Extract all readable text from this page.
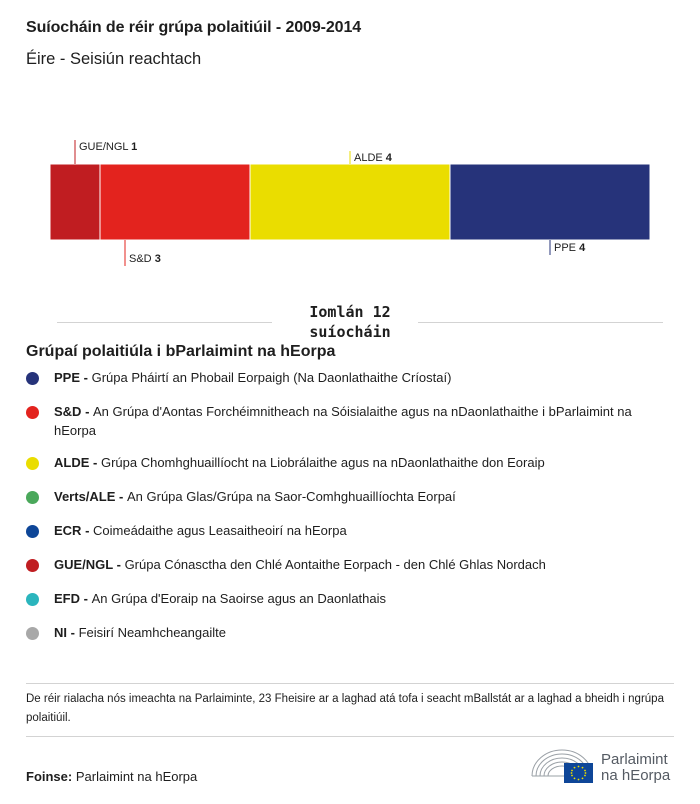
Suíocháin de réir grúpa polaitiúil - 2009-2014
Éire - Seisiún reachtach
GUE/NGL 1
S&D 3
ALDE 4
PPE 4
Iomlán 12 suíocháin
Grúpaí polaitiúla i bParlaimint na hEorpa
PPE - Grúpa Pháirtí an Phobail Eorpaigh (Na Daonlathaithe Críostaí)
S&D - An Grúpa d'Aontas Forchéimnitheach na Sóisialaithe agus na nDaonlathaithe i bParlaimint na hEorpa
ALDE - Grúpa Chomhghuaillíocht na Liobrálaithe agus na nDaonlathaithe don Eoraip
Verts/ALE - An Grúpa Glas/Grúpa na Saor-Comhghuaillíochta Eorpaí
ECR - Coimeádaithe agus Leasaitheoirí na hEorpa
GUE/NGL - Grúpa Cónasctha den Chlé Aontaithe Eorpach - den Chlé Ghlas Nordach
EFD - An Grúpa d'Eoraip na Saoirse agus an Daonlathais
NI - Feisirí Neamhcheangailte
De réir rialacha nós imeachta na Parlaiminte, 23 Fheisire ar a laghad atá tofa i seacht mBallstát ar a laghad a bheidh i ngrúpa polaitiúil.
Foinse: Parlaimint na hEorpa
Parlaimint
na hEorpa
